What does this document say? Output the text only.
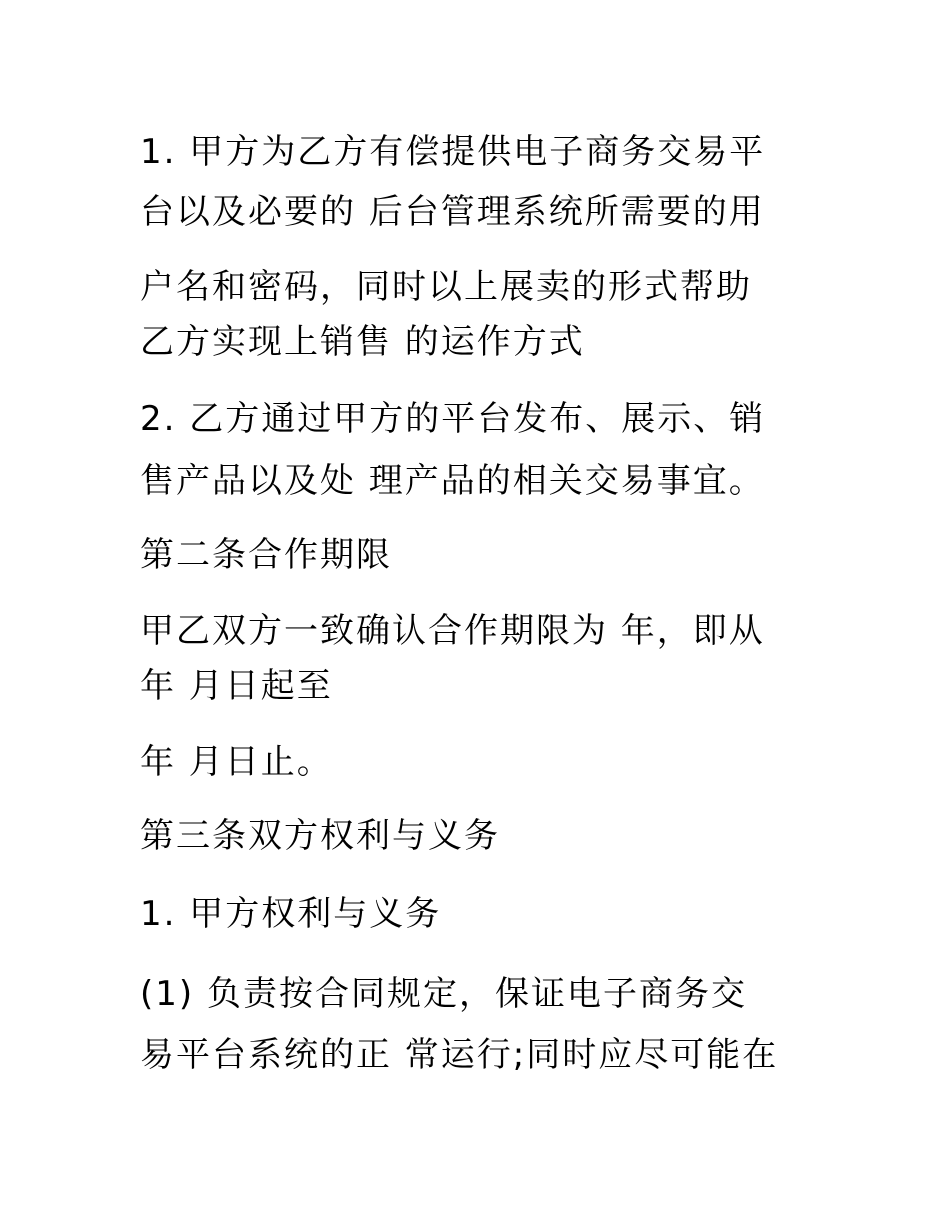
1. 甲方为乙方有偿提供电子商务交易平
台以及必要的 后台管理系统所需要的用
户名和密码，同时以上展卖的形式帮助
乙方实现上销售 的运作方式
2. 乙方通过甲方的平台发布、展示、销
售产品以及处 理产品的相关交易事宜。
第二条合作期限
甲乙双方一致确认合作期限为 年，即从
年 月日起至
年 月日止。
第三条双方权利与义务
1. 甲方权利与义务
(1) 负责按合同规定，保证电子商务交
易平台系统的正 常运行;同时应尽可能在
